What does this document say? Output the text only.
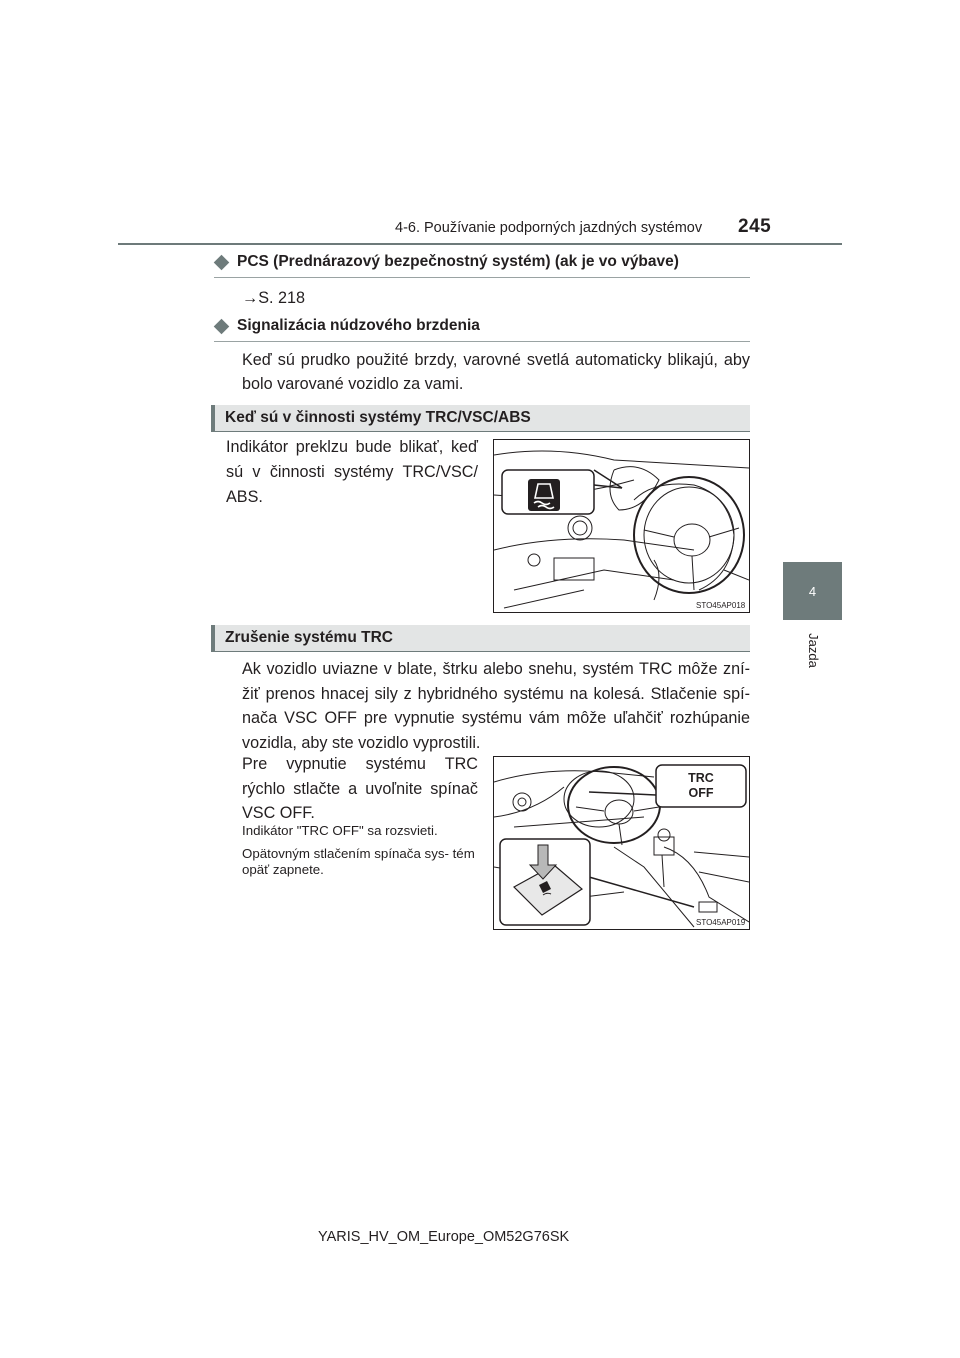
4-6. Používanie podporných jazdných systémov 245
4
Jazda
PCS (Prednárazový bezpečnostný systém) (ak je vo výbave)
→S. 218
Signalizácia núdzového brzdenia
Keď sú prudko použité brzdy, varovné svetlá automaticky blikajú, aby bolo varované vozidlo za vami.
Keď sú v činnosti systémy TRC/VSC/ABS
Indikátor preklzu bude blikať, keď sú v činnosti systémy TRC/VSC/ ABS.
STO45AP018
Zrušenie systému TRC
Ak vozidlo uviazne v blate, štrku alebo snehu, systém TRC môže zní- žiť prenos hnacej sily z hybridného systému na kolesá. Stlačenie spí- nača VSC OFF pre vypnutie systému vám môže uľahčiť rozhúpanie vozidla, aby ste vozidlo vyprostili.
Pre vypnutie systému TRC rýchlo stlačte a uvoľnite spínač VSC OFF.
Indikátor "TRC OFF" sa rozsvieti.
Opätovným stlačením spínača sys- tém opäť zapnete.
TRC
OFF
STO45AP019
YARIS_HV_OM_Europe_OM52G76SK
